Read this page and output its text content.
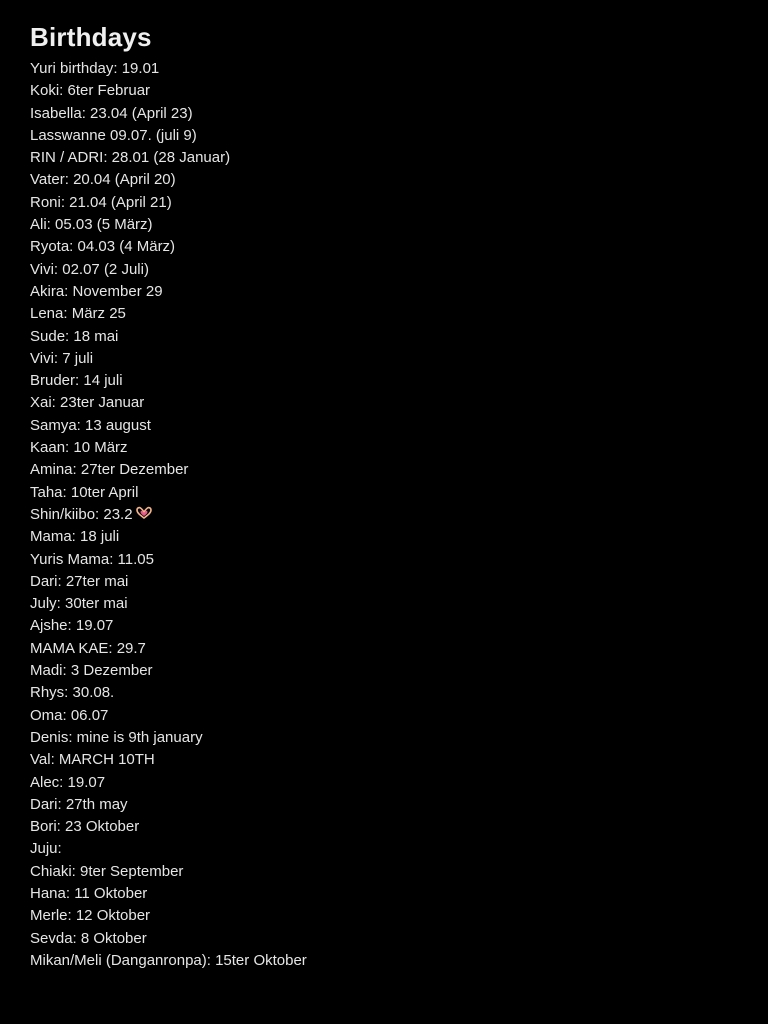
Birthdays
Yuri birthday: 19.01
Koki: 6ter Februar
Isabella: 23.04 (April 23)
Lasswanne 09.07. (juli 9)
RIN / ADRI: 28.01 (28 Januar)
Vater: 20.04 (April 20)
Roni: 21.04 (April 21)
Ali: 05.03 (5 März)
Ryota: 04.03 (4 März)
Vivi: 02.07 (2 Juli)
Akira: November 29
Lena: März 25
Sude: 18 mai
Vivi: 7 juli
Bruder: 14 juli
Xai: 23ter Januar
Samya: 13 august
Kaan: 10 März
Amina: 27ter Dezember
Taha: 10ter April
Shin/kiibo: 23.2
Mama: 18 juli
Yuris Mama: 11.05
Dari: 27ter mai
July: 30ter mai
Ajshe: 19.07
MAMA KAE: 29.7
Madi: 3 Dezember
Rhys: 30.08.
Oma: 06.07
Denis: mine is 9th january
Val: MARCH 10TH
Alec: 19.07
Dari: 27th may
Bori: 23 Oktober
Juju:
Chiaki: 9ter September
Hana: 11 Oktober
Merle: 12 Oktober
Sevda: 8 Oktober
Mikan/Meli (Danganronpa): 15ter Oktober
